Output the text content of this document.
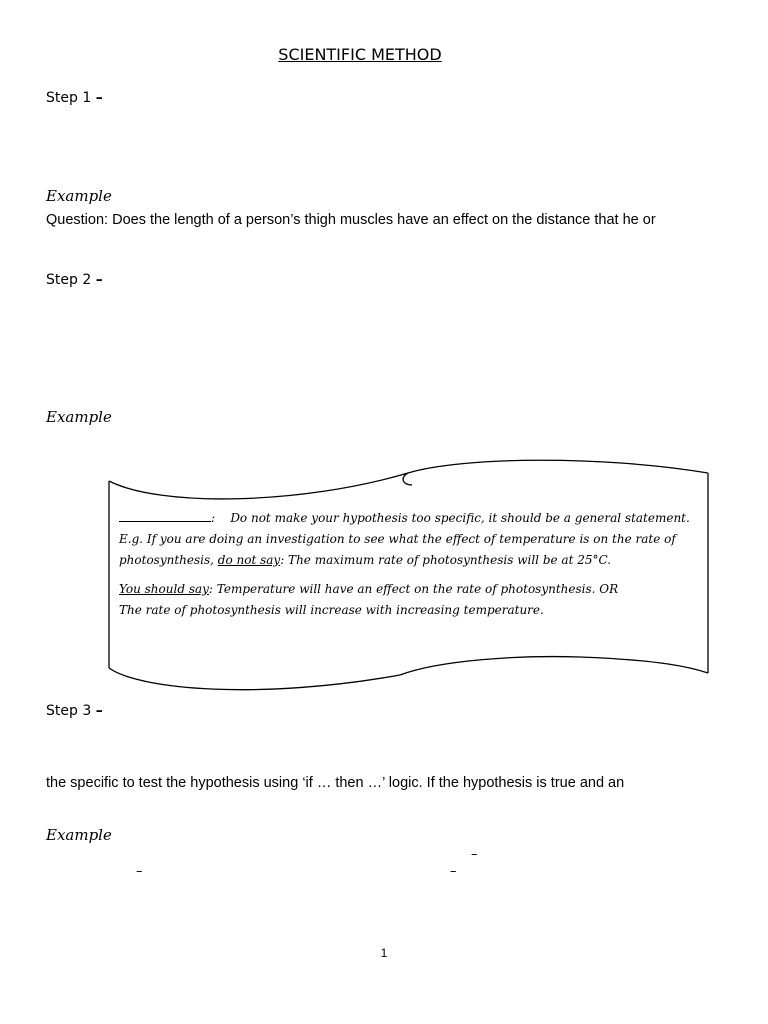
SCIENTIFIC METHOD
Step 1 –
Example
Question: Does the length of a person’s thigh muscles have an effect on the distance that he or
Step 2 –
Example

: Do not make your hypothesis too specific, it should be a general statement. E.g. If you are doing an investigation to see what the effect of temperature is on the rate of photosynthesis, do not say: The maximum rate of photosynthesis will be at 25°C.

You should say: Temperature will have an effect on the rate of photosynthesis. OR
The rate of photosynthesis will increase with increasing temperature.

Step 3 –
the specific to test the hypothesis using ‘if … then …’ logic. If the hypothesis is true and an
Example
–
–	–
1
